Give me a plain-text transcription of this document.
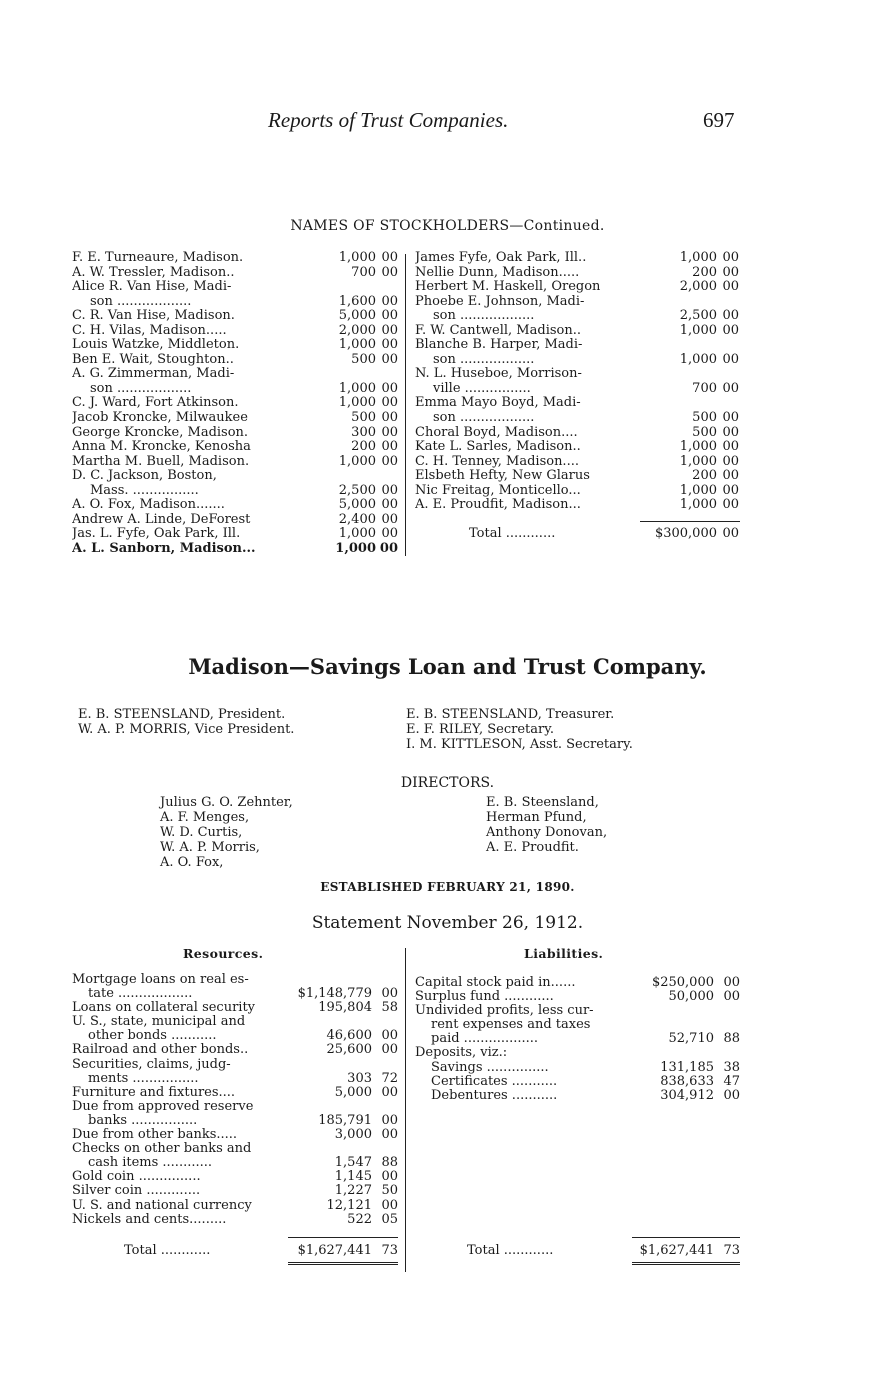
Reports of Trust Companies.	697
NAMES OF STOCKHOLDERS—Continued.
F. E. Turneaure, Madison.	1,000 00
A. W. Tressler, Madison..	700 00
Alice R. Van Hise, Madi-
son ..................	1,600 00
C. R. Van Hise, Madison.	5,000 00
C. H. Vilas, Madison.....	2,000 00
Louis Watzke, Middleton.	1,000 00
Ben E. Wait, Stoughton..	500 00
A. G. Zimmerman, Madi-
son ..................	1,000 00
C. J. Ward, Fort Atkinson.	1,000 00
Jacob Kroncke, Milwaukee	500 00
George Kroncke, Madison.	300 00
Anna M. Kroncke, Kenosha	200 00
Martha M. Buell, Madison.	1,000 00
D. C. Jackson, Boston,
Mass. ................	2,500 00
A. O. Fox, Madison.......	5,000 00
Andrew A. Linde, DeForest	2,400 00
Jas. L. Fyfe, Oak Park, Ill.	1,000 00
A. L. Sanborn, Madison...	1,000 00
James Fyfe, Oak Park, Ill..	1,000 00
Nellie Dunn, Madison.....	200 00
Herbert M. Haskell, Oregon	2,000 00
Phoebe E. Johnson, Madi-
son ..................	2,500 00
F. W. Cantwell, Madison..	1,000 00
Blanche B. Harper, Madi-
son ..................	1,000 00
N. L. Huseboe, Morrison-
ville ................	700 00
Emma Mayo Boyd, Madi-
son ..................	500 00
Choral Boyd, Madison....	500 00
Kate L. Sarles, Madison..	1,000 00
C. H. Tenney, Madison....	1,000 00
Elsbeth Hefty, New Glarus	200 00
Nic Freitag, Monticello...	1,000 00
A. E. Proudfit, Madison...	1,000 00
Total ............	$300,000 00
Madison—Savings Loan and Trust Company.
E. B. STEENSLAND, President.
W. A. P. MORRIS, Vice President.
E. B. STEENSLAND, Treasurer.
E. F. RILEY, Secretary.
I. M. KITTLESON, Asst. Secretary.
DIRECTORS.
Julius G. O. Zehnter,
A. F. Menges,
W. D. Curtis,
W. A. P. Morris,
A. O. Fox,
E. B. Steensland,
Herman Pfund,
Anthony Donovan,
A. E. Proudfit.
ESTABLISHED FEBRUARY 21, 1890.
Statement November 26, 1912.
Resources.	Liabilities.
Mortgage loans on real es-
tate ..................	$1,148,779 00
Loans on collateral security	195,804 58
U. S., state, municipal and
other bonds ...........	46,600 00
Railroad and other bonds..	25,600 00
Securities, claims, judg-
ments ................	303 72
Furniture and fixtures....	5,000 00
Due from approved reserve
banks ................	185,791 00
Due from other banks.....	3,000 00
Checks on other banks and
cash items ............	1,547 88
Gold coin ...............	1,145 00
Silver coin .............	1,227 50
U. S. and national currency	12,121 00
Nickels and cents.........	522 05
Capital stock paid in......	$250,000 00
Surplus fund ............	50,000 00
Undivided profits, less cur-
rent expenses and taxes
paid ..................	52,710 88
Deposits, viz.:
Savings ...............	131,185 38
Certificates ...........	838,633 47
Debentures ...........	304,912 00
Total ............	$1,627,441 73	Total ............	$1,627,441 73
